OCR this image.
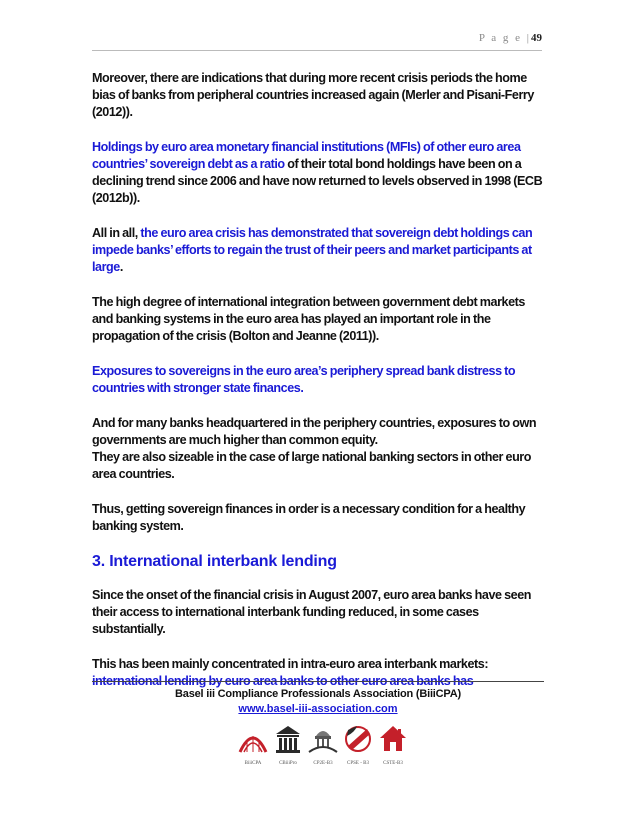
P a g e |49

Moreover, there are indications that during more recent crisis periods the home bias of banks from peripheral countries increased again (Merler and Pisani-Ferry (2012)).

Holdings by euro area monetary financial institutions (MFIs) of other euro area countries’ sovereign debt as a ratio of their total bond holdings have been on a declining trend since 2006 and have now returned to levels observed in 1998 (ECB (2012b)).

All in all, the euro area crisis has demonstrated that sovereign debt holdings can impede banks’ efforts to regain the trust of their peers and market participants at large.

The high degree of international integration between government debt markets and banking systems in the euro area has played an important role in the propagation of the crisis (Bolton and Jeanne (2011)).

Exposures to sovereigns in the euro area’s periphery spread bank distress to countries with stronger state finances.

And for many banks headquartered in the periphery countries, exposures to own governments are much higher than common equity.
They are also sizeable in the case of large national banking sectors in other euro area countries.

Thus, getting sovereign finances in order is a necessary condition for a healthy banking system.

3. International interbank lending

Since the onset of the financial crisis in August 2007, euro area banks have seen their access to international interbank funding reduced, in some cases substantially.

This has been mainly concentrated in intra-euro area interbank markets: international lending by euro area banks to other euro area banks has

Basel iii Compliance Professionals Association (BiiiCPA)
www.basel-iii-association.com
BiiiCPA	CBiiiPro	CP2E-B3	CPSE - B3	CSTE-B3
